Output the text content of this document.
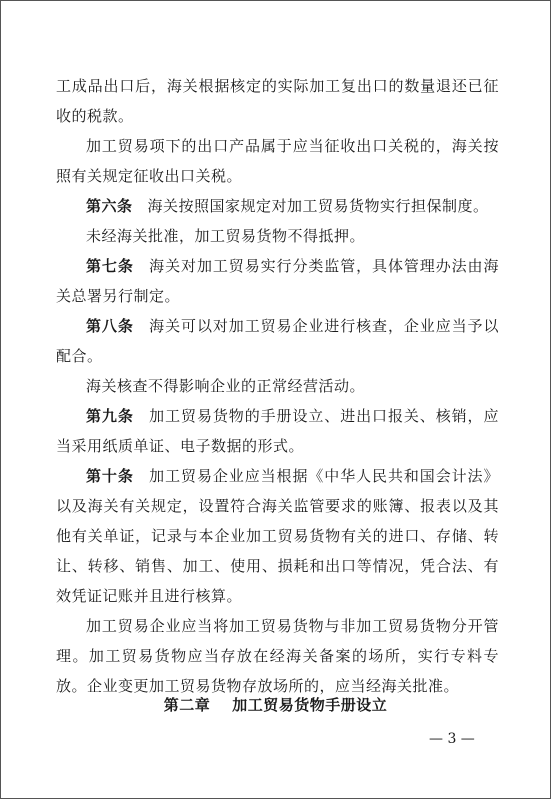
工成品出口后，海关根据核定的实际加工复出口的数量退还已征收的税款。

加工贸易项下的出口产品属于应当征收出口关税的，海关按照有关规定征收出口关税。

第六条 海关按照国家规定对加工贸易货物实行担保制度。

未经海关批准，加工贸易货物不得抵押。

第七条 海关对加工贸易实行分类监管，具体管理办法由海关总署另行制定。

第八条 海关可以对加工贸易企业进行核查，企业应当予以配合。

海关核查不得影响企业的正常经营活动。

第九条 加工贸易货物的手册设立、进出口报关、核销，应当采用纸质单证、电子数据的形式。

第十条 加工贸易企业应当根据《中华人民共和国会计法》以及海关有关规定，设置符合海关监管要求的账簿、报表以及其他有关单证，记录与本企业加工贸易货物有关的进口、存储、转让、转移、销售、加工、使用、损耗和出口等情况，凭合法、有效凭证记账并且进行核算。

加工贸易企业应当将加工贸易货物与非加工贸易货物分开管理。加工贸易货物应当存放在经海关备案的场所，实行专料专放。企业变更加工贸易货物存放场所的，应当经海关批准。

第二章 加工贸易货物手册设立
— 3 —
